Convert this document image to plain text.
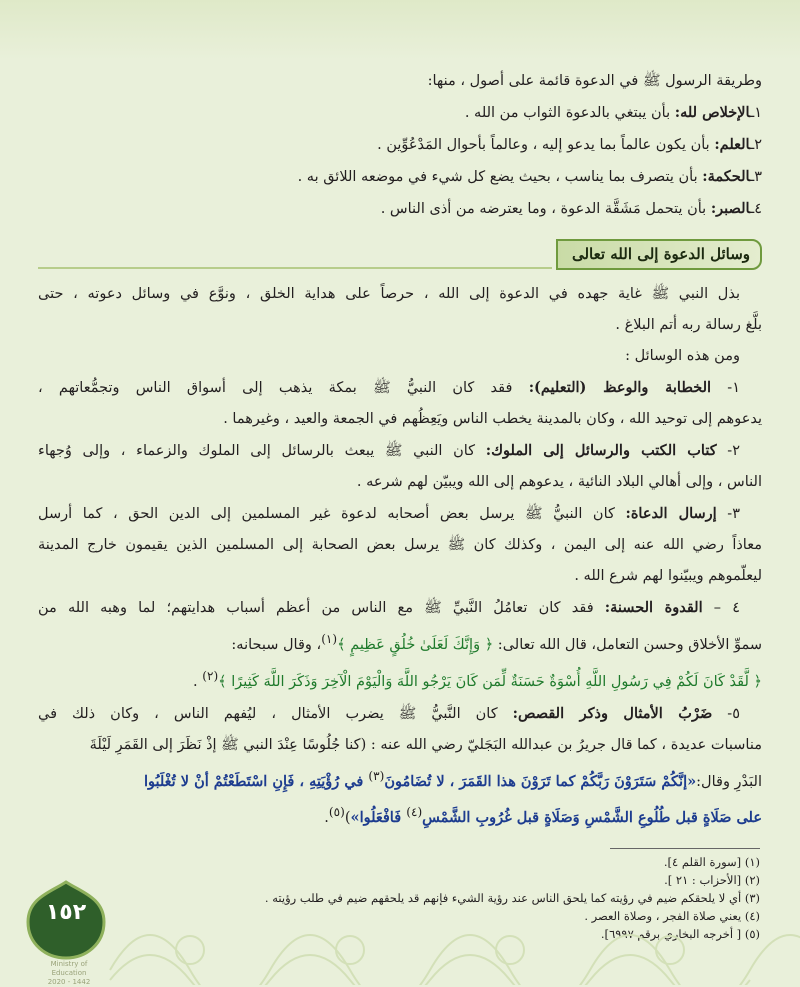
وطريقة الرسول ﷺ في الدعوة قائمة على أصول ، منها:
١ـالإخلاص لله: بأن يبتغي بالدعوة الثواب من الله .
٢ـالعلم: بأن يكون عالماً بما يدعو إليه ، وعالماً بأحوال المَدْعُوِّين .
٣ـالحكمة: بأن يتصرف بما يناسب ، بحيث يضع كل شيء في موضعه اللائق به .
٤ـالصبر: بأن يتحمل مَشَقَّة الدعوة ، وما يعترضه من أذى الناس .
وسائل الدعوة إلى الله تعالى
بذل النبي ﷺ غاية جهده في الدعوة إلى الله ، حرصاً على هداية الخلق ، ونوَّع في وسائل دعوته ، حتى
بلَّغ رسالة ربه أتم البلاغ .
ومن هذه الوسائل :
١- الخطابة والوعظ (التعليم): فقد كان النبيُّ ﷺ بمكة يذهب إلى أسواق الناس وتجمُّعاتهم ،
يدعوهم إلى توحيد الله ، وكان بالمدينة يخطب الناس ويَعِظُهم في الجمعة والعيد ، وغيرهما .
٢- كتاب الكتب والرسائل إلى الملوك: كان النبي ﷺ يبعث بالرسائل إلى الملوك والزعماء ، وإلى وُجهاء
الناس ، وإلى أهالي البلاد النائية ، يدعوهم إلى الله ويبيّن لهم شرعه .
٣- إرسال الدعاة: كان النبيُّ ﷺ يرسل بعض أصحابه لدعوة غير المسلمين إلى الدين الحق ، كما أرسل
معاذاً رضي الله عنه إلى اليمن ، وكذلك كان ﷺ يرسل بعض الصحابة إلى المسلمين الذين يقيمون خارج المدينة
ليعلّموهم ويبيّنوا لهم شرع الله .
٤ – القدوة الحسنة: فقد كان تعامُلُ النَّبيِّ ﷺ مع الناس من أعظم أسباب هدايتهم؛ لما وهبه الله من
سموِّ الأخلاق وحسن التعامل، قال الله تعالى: ﴿ وَإِنَّكَ لَعَلَىٰ خُلُقٍ عَظِيمٍ ﴾$^{(١)}$، وقال سبحانه:
﴿ لَّقَدْ كَانَ لَكُمْ فِي رَسُولِ اللَّهِ أُسْوَةٌ حَسَنَةٌ لِّمَن كَانَ يَرْجُو اللَّهَ وَالْيَوْمَ الْآخِرَ وَذَكَرَ اللَّهَ كَثِيرًا ﴾$^{(٢)}$ .
٥- ضَرْبُ الأمثال وذكر القصص: كان النَّبيُّ ﷺ يضرب الأمثال ، ليُفهم الناس ، وكان ذلك في
مناسبات عديدة ، كما قال جريرُ بن عبدالله البَجَليّ رضي الله عنه : (كنا جُلُوسًا عِنْدَ النبي ﷺ إذْ نَظَرَ إلى القَمَرِ لَيْلَةَ
البَدْرِ وقال:«إنَّكُمْ سَتَرَوْنَ رَبَّكُمْ كما تَرَوْنَ هذا القَمَرَ ، لا تُضَامُونَ$^{(٣)}$ في رُؤْيَتِهِ ، فَإِنِ اسْتَطَعْتُمْ أنْ لا تُغْلَبُوا
على صَلَاةٍ قبل طُلُوعِ الشَّمْسِ وَصَلَاةٍ قبل غُرُوبِ الشَّمْسِ$^{(٤)}$ فَافْعَلُوا»)$^{(٥)}$.
(١) [سورة القلم ٤].
(٢) [الأحزاب : ٢١ ].
(٣) أي لا يلحقكم ضيم في رؤيته كما يلحق الناس عند رؤية الشيء فإنهم قد يلحقهم ضيم في طلب رؤيته .
(٤) يعني صلاة الفجر ، وصلاة العصر .
(٥) [ أخرجه البخاري برقم ٦٩٩٧].
١٥٢
Ministry of Education
2020 - 1442
